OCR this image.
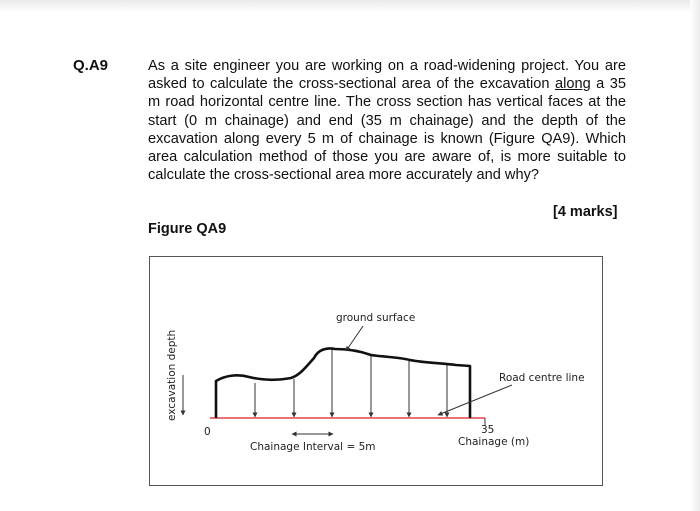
Q.A9	As a site engineer you are working on a road-widening project. You are asked to calculate the cross-sectional area of the excavation along a 35 m road horizontal centre line. The cross section has vertical faces at the start (0 m chainage) and end (35 m chainage) and the depth of the excavation along every 5 m of chainage is known (Figure QA9). Which area calculation method of those you are aware of, is more suitable to calculate the cross-sectional area more accurately and why?
[4 marks]
Figure QA9
excavation depth
ground surface
Road centre line
0	35
Chainage (m)
Chainage Interval = 5m
